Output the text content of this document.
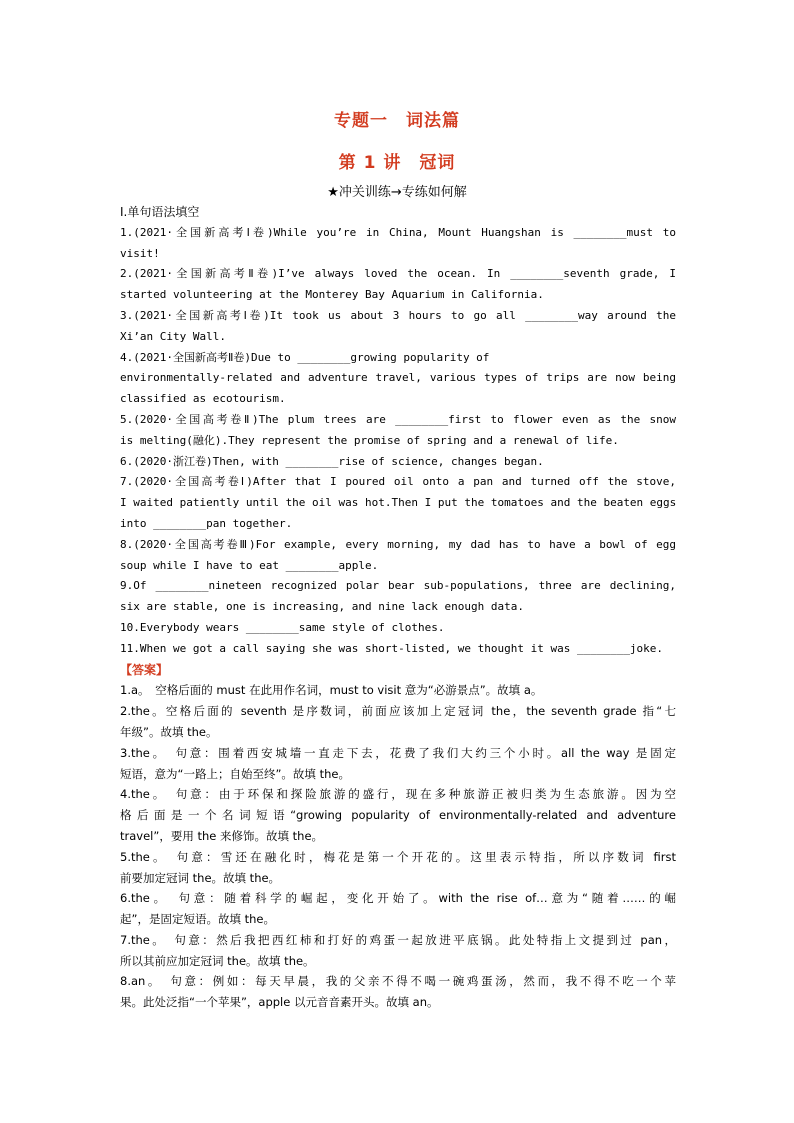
专题一　词法篇
第 1 讲　冠词
★冲关训练→专练如何解
Ⅰ.单句语法填空
1.(2021·全国新高考Ⅰ卷)While you’re in China, Mount Huangshan is ________must to
visit!
2.(2021·全国新高考Ⅱ卷)I’ve always loved the ocean. In ________seventh grade, I
started volunteering at the Monterey Bay Aquarium in California.
3.(2021·全国新高考Ⅰ卷)It took us about 3 hours to go all ________way around the
Xi’an City Wall.
4.(2021·全国新高考Ⅱ卷)Due to ________growing popularity of
environmentally-related and adventure travel, various types of trips are now being
classified as ecotourism.
5.(2020·全国高考卷Ⅱ)The plum trees are ________first to flower even as the snow
is melting(融化).They represent the promise of spring and a renewal of life.
6.(2020·浙江卷)Then, with ________rise of science, changes began.
7.(2020·全国高考卷Ⅰ)After that I poured oil onto a pan and turned off the stove,
I waited patiently until the oil was hot.Then I put the tomatoes and the beaten eggs
into ________pan together.
8.(2020·全国高考卷Ⅲ)For example, every morning, my dad has to have a bowl of egg
soup while I have to eat ________apple.
9.Of ________nineteen recognized polar bear sub-populations, three are declining,
six are stable, one is increasing, and nine lack enough data.
10.Everybody wears ________same style of clothes.
11.When we got a call saying she was short-listed, we thought it was ________joke.
【答案】
1.a。　空格后面的 must 在此用作名词，must to visit 意为“必游景点”。故填 a。
2.the。空格后面的 seventh 是序数词，前面应该加上定冠词 the，the seventh grade 指“七
年级”。故填 the。
3.the。　句意：围着西安城墙一直走下去，花费了我们大约三个小时。all the way 是固定
短语，意为“一路上；自始至终”。故填 the。
4.the。　句意：由于环保和探险旅游的盛行，现在多种旅游正被归类为生态旅游。因为空
格后面是一个名词短语“growing popularity of environmentally-related and adventure
travel”，要用 the 来修饰。故填 the。
5.the。　句意：雪还在融化时，梅花是第一个开花的。这里表示特指，所以序数词 first
前要加定冠词 the。故填 the。
6.the。　句意：随着科学的崛起，变化开始了。with the rise of…意为“随着……的崛
起”，是固定短语。故填 the。
7.the。　句意：然后我把西红柿和打好的鸡蛋一起放进平底锅。此处特指上文提到过 pan，
所以其前应加定冠词 the。故填 the。
8.an。　句意：例如：每天早晨，我的父亲不得不喝一碗鸡蛋汤，然而，我不得不吃一个苹
果。此处泛指“一个苹果”，apple 以元音音素开头。故填 an。
